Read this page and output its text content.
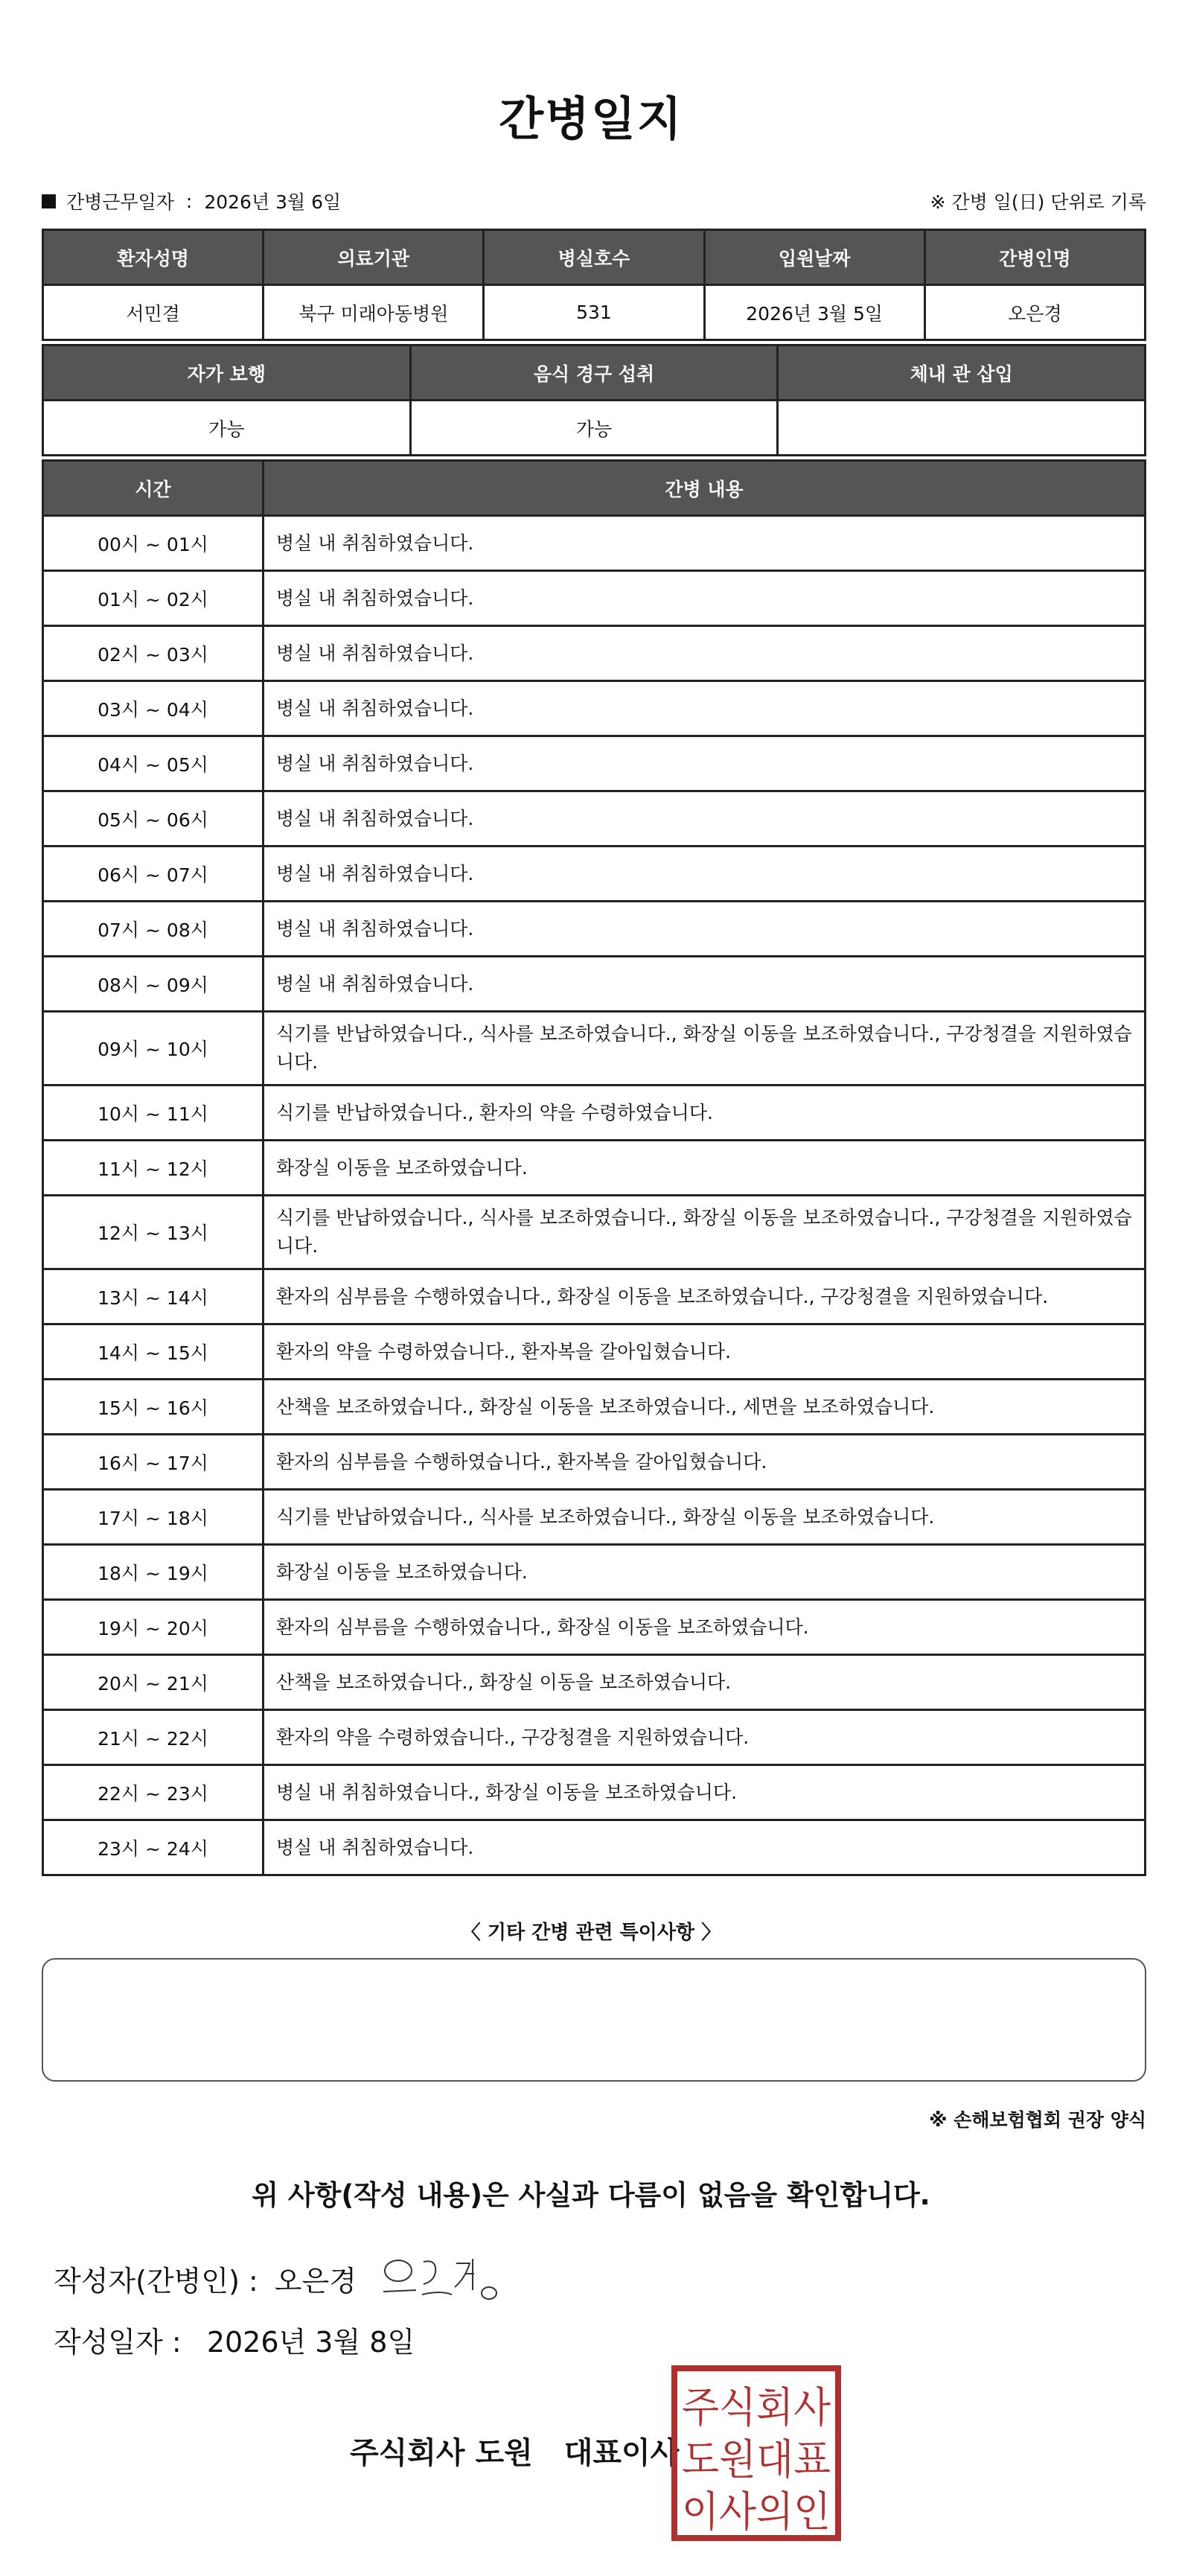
간병일지
간병근무일자 : 2026년 3월 6일	※ 간병 일(日) 단위로 기록
환자성명	의료기관	병실호수	입원날짜	간병인명
서민결	북구 미래아동병원	531	2026년 3월 5일	오은경
자가 보행	음식 경구 섭취	체내 관 삽입
가능	가능	
시간	간병 내용
00시 ~ 01시	병실 내 취침하였습니다.
01시 ~ 02시	병실 내 취침하였습니다.
02시 ~ 03시	병실 내 취침하였습니다.
03시 ~ 04시	병실 내 취침하였습니다.
04시 ~ 05시	병실 내 취침하였습니다.
05시 ~ 06시	병실 내 취침하였습니다.
06시 ~ 07시	병실 내 취침하였습니다.
07시 ~ 08시	병실 내 취침하였습니다.
08시 ~ 09시	병실 내 취침하였습니다.
09시 ~ 10시	식기를 반납하였습니다., 식사를 보조하였습니다., 화장실 이동을 보조하였습니다., 구강청결을 지원하였습니다.
10시 ~ 11시	식기를 반납하였습니다., 환자의 약을 수령하였습니다.
11시 ~ 12시	화장실 이동을 보조하였습니다.
12시 ~ 13시	식기를 반납하였습니다., 식사를 보조하였습니다., 화장실 이동을 보조하였습니다., 구강청결을 지원하였습니다.
13시 ~ 14시	환자의 심부름을 수행하였습니다., 화장실 이동을 보조하였습니다., 구강청결을 지원하였습니다.
14시 ~ 15시	환자의 약을 수령하였습니다., 환자복을 갈아입혔습니다.
15시 ~ 16시	산책을 보조하였습니다., 화장실 이동을 보조하였습니다., 세면을 보조하였습니다.
16시 ~ 17시	환자의 심부름을 수행하였습니다., 환자복을 갈아입혔습니다.
17시 ~ 18시	식기를 반납하였습니다., 식사를 보조하였습니다., 화장실 이동을 보조하였습니다.
18시 ~ 19시	화장실 이동을 보조하였습니다.
19시 ~ 20시	환자의 심부름을 수행하였습니다., 화장실 이동을 보조하였습니다.
20시 ~ 21시	산책을 보조하였습니다., 화장실 이동을 보조하였습니다.
21시 ~ 22시	환자의 약을 수령하였습니다., 구강청결을 지원하였습니다.
22시 ~ 23시	병실 내 취침하였습니다., 화장실 이동을 보조하였습니다.
23시 ~ 24시	병실 내 취침하였습니다.
〈 기타 간병 관련 특이사항 〉
※ 손해보험협회 권장 양식
위 사항(작성 내용)은 사실과 다름이 없음을 확인합니다.
작성자(간병인) : 오은경
작성일자 : 2026년 3월 8일
주식회사 도원 대표이사
주식회사
도원대표
이사의인
